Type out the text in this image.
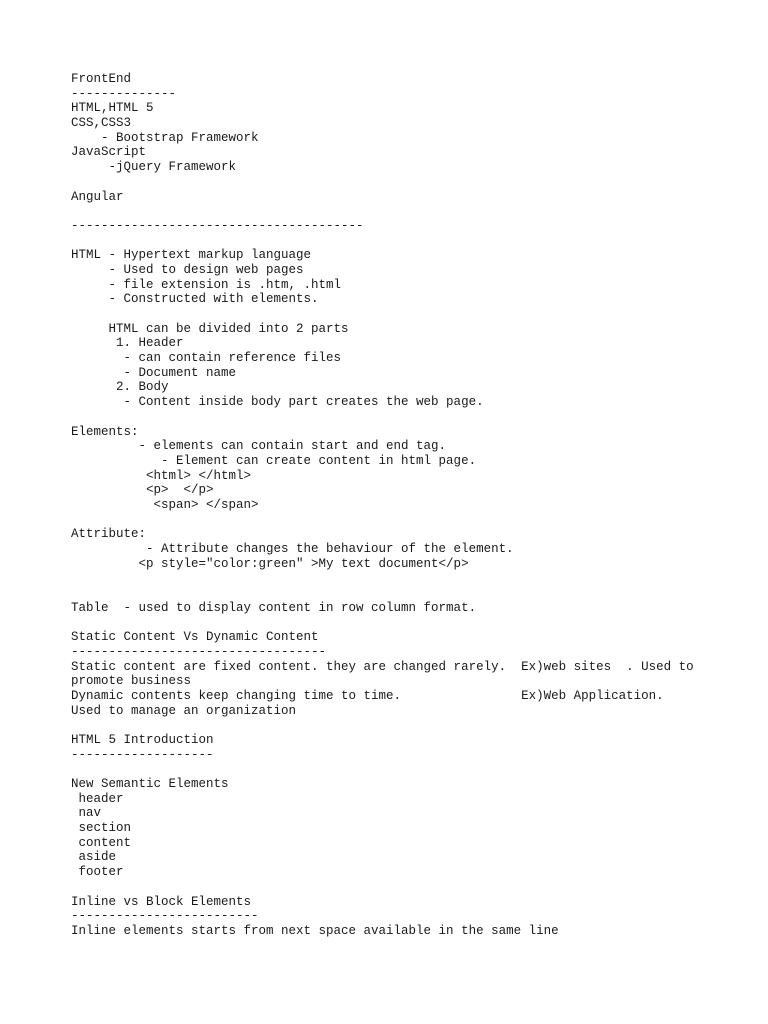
FrontEnd
--------------
HTML,HTML 5
CSS,CSS3
- Bootstrap Framework
JavaScript
-jQuery Framework
Angular
---------------------------------------
HTML - Hypertext markup language
- Used to design web pages
- file extension is .htm, .html
- Constructed with elements.
HTML can be divided into 2 parts
1. Header
- can contain reference files
- Document name
2. Body
- Content inside body part creates the web page.
Elements:
- elements can contain start and end tag.
- Element can create content in html page.
<html> </html>
<p>  </p>
<span> </span>
Attribute:
- Attribute changes the behaviour of the element.
<p style="color:green" >My text document</p>
Table  - used to display content in row column format.
Static Content Vs Dynamic Content
----------------------------------
Static content are fixed content. they are changed rarely.  Ex)web sites  . Used to
promote business
Dynamic contents keep changing time to time.                Ex)Web Application.
Used to manage an organization
HTML 5 Introduction
-------------------
New Semantic Elements
header
nav
section
content
aside
footer
Inline vs Block Elements
-------------------------
Inline elements starts from next space available in the same line
